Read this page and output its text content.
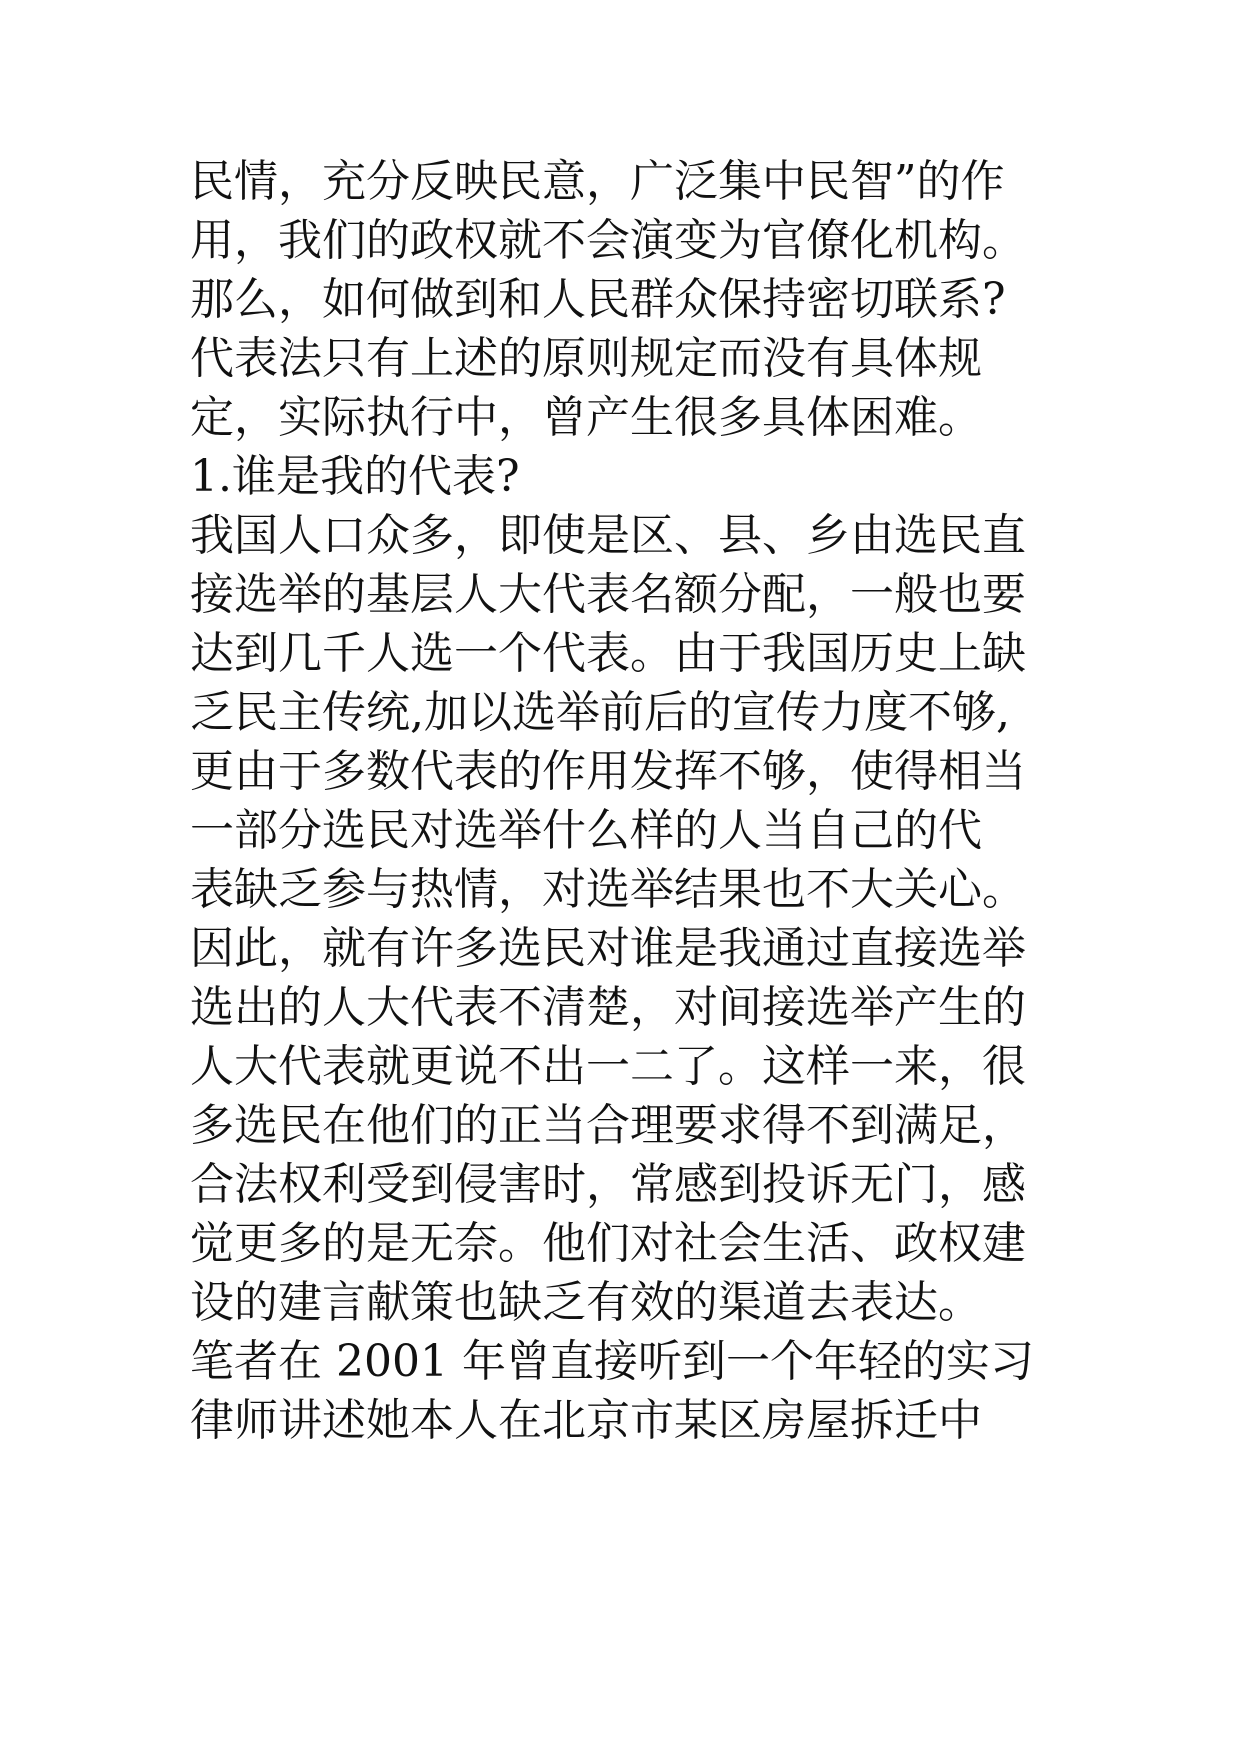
民情，充分反映民意，广泛集中民智”的作
用，我们的政权就不会演变为官僚化机构。
那么，如何做到和人民群众保持密切联系?
代表法只有上述的原则规定而没有具体规
定，实际执行中，曾产生很多具体困难。
1.谁是我的代表?
我国人口众多，即使是区、县、乡由选民直
接选举的基层人大代表名额分配，一般也要
达到几千人选一个代表。由于我国历史上缺
乏民主传统,加以选举前后的宣传力度不够,
更由于多数代表的作用发挥不够，使得相当
一部分选民对选举什么样的人当自己的代
表缺乏参与热情，对选举结果也不大关心。
因此，就有许多选民对谁是我通过直接选举
选出的人大代表不清楚，对间接选举产生的
人大代表就更说不出一二了。这样一来，很
多选民在他们的正当合理要求得不到满足，
合法权利受到侵害时，常感到投诉无门，感
觉更多的是无奈。他们对社会生活、政权建
设的建言献策也缺乏有效的渠道去表达。
笔者在 2001 年曾直接听到一个年轻的实习
律师讲述她本人在北京市某区房屋拆迁中
